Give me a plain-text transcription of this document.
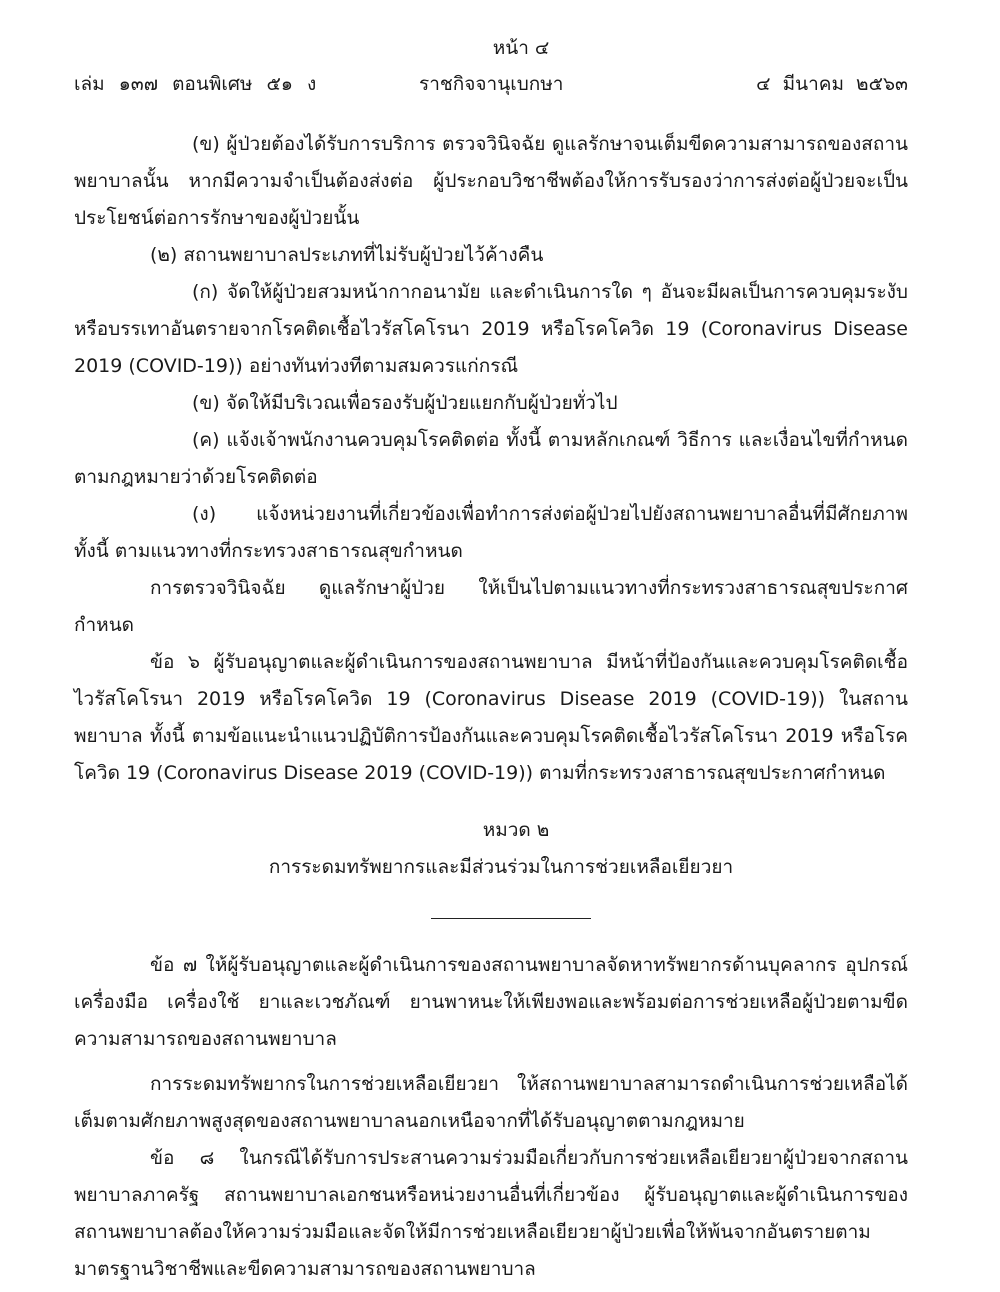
หน้า ๔
เล่ม ๑๓๗ ตอนพิเศษ ๕๑ ง	ราชกิจจานุเบกษา	๔ มีนาคม ๒๕๖๓

(ข) ผู้ป่วยต้องได้รับการบริการ ตรวจวินิจฉัย ดูแลรักษาจนเต็มขีดความสามารถของสถานพยาบาลนั้น หากมีความจำเป็นต้องส่งต่อ ผู้ประกอบวิชาชีพต้องให้การรับรองว่าการส่งต่อผู้ป่วยจะเป็นประโยชน์ต่อการรักษาของผู้ป่วยนั้น

(๒) สถานพยาบาลประเภทที่ไม่รับผู้ป่วยไว้ค้างคืน

(ก) จัดให้ผู้ป่วยสวมหน้ากากอนามัย และดำเนินการใด ๆ อันจะมีผลเป็นการควบคุมระงับ หรือบรรเทาอันตรายจากโรคติดเชื้อไวรัสโคโรนา 2019 หรือโรคโควิด 19 (Coronavirus Disease 2019 (COVID-19)) อย่างทันท่วงทีตามสมควรแก่กรณี

(ข) จัดให้มีบริเวณเพื่อรองรับผู้ป่วยแยกกับผู้ป่วยทั่วไป

(ค) แจ้งเจ้าพนักงานควบคุมโรคติดต่อ ทั้งนี้ ตามหลักเกณฑ์ วิธีการ และเงื่อนไขที่กำหนดตามกฎหมายว่าด้วยโรคติดต่อ

(ง) แจ้งหน่วยงานที่เกี่ยวข้องเพื่อทำการส่งต่อผู้ป่วยไปยังสถานพยาบาลอื่นที่มีศักยภาพ ทั้งนี้ ตามแนวทางที่กระทรวงสาธารณสุขกำหนด

การตรวจวินิจฉัย ดูแลรักษาผู้ป่วย ให้เป็นไปตามแนวทางที่กระทรวงสาธารณสุขประกาศกำหนด

ข้อ ๖ ผู้รับอนุญาตและผู้ดำเนินการของสถานพยาบาล มีหน้าที่ป้องกันและควบคุมโรคติดเชื้อไวรัสโคโรนา 2019 หรือโรคโควิด 19 (Coronavirus Disease 2019 (COVID-19)) ในสถานพยาบาล ทั้งนี้ ตามข้อแนะนำแนวปฏิบัติการป้องกันและควบคุมโรคติดเชื้อไวรัสโคโรนา 2019 หรือโรคโควิด 19 (Coronavirus Disease 2019 (COVID-19)) ตามที่กระทรวงสาธารณสุขประกาศกำหนด

หมวด ๒

การระดมทรัพยากรและมีส่วนร่วมในการช่วยเหลือเยียวยา

ข้อ ๗ ให้ผู้รับอนุญาตและผู้ดำเนินการของสถานพยาบาลจัดหาทรัพยากรด้านบุคลากร อุปกรณ์ เครื่องมือ เครื่องใช้ ยาและเวชภัณฑ์ ยานพาหนะให้เพียงพอและพร้อมต่อการช่วยเหลือผู้ป่วยตามขีดความสามารถของสถานพยาบาล

การระดมทรัพยากรในการช่วยเหลือเยียวยา ให้สถานพยาบาลสามารถดำเนินการช่วยเหลือได้เต็มตามศักยภาพสูงสุดของสถานพยาบาลนอกเหนือจากที่ได้รับอนุญาตตามกฎหมาย

ข้อ ๘ ในกรณีได้รับการประสานความร่วมมือเกี่ยวกับการช่วยเหลือเยียวยาผู้ป่วยจากสถานพยาบาลภาครัฐ สถานพยาบาลเอกชนหรือหน่วยงานอื่นที่เกี่ยวข้อง ผู้รับอนุญาตและผู้ดำเนินการของสถานพยาบาลต้องให้ความร่วมมือและจัดให้มีการช่วยเหลือเยียวยาผู้ป่วยเพื่อให้พ้นจากอันตรายตามมาตรฐานวิชาชีพและขีดความสามารถของสถานพยาบาล
